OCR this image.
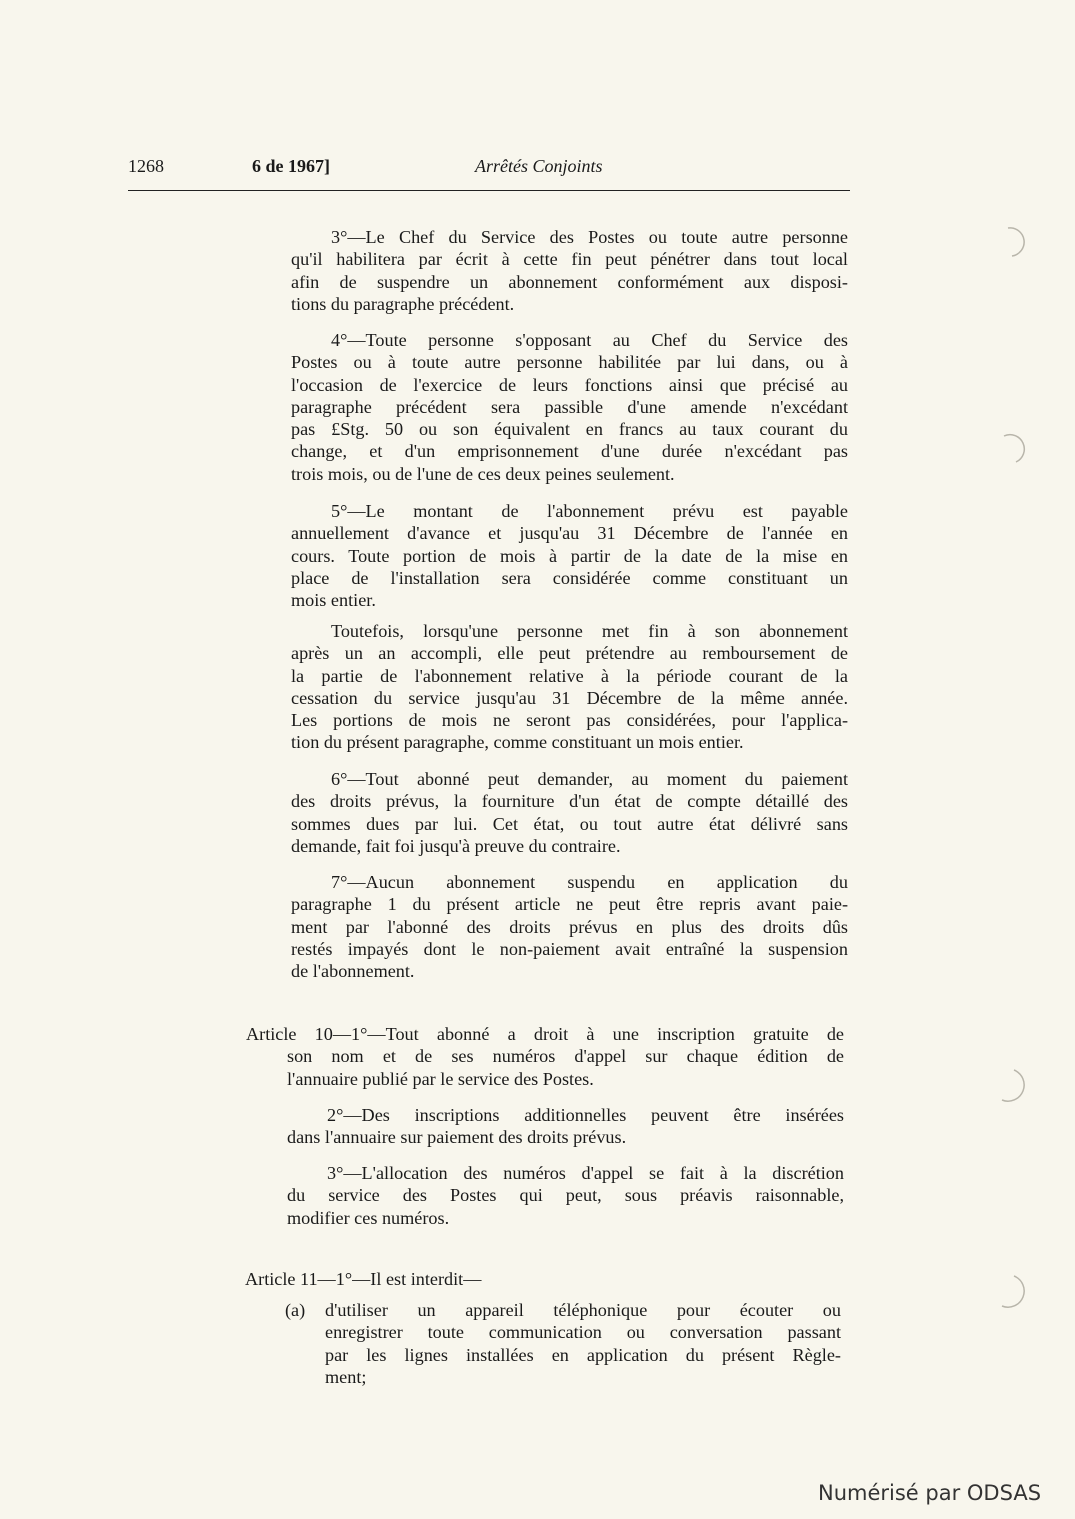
1268	6 de 1967]	Arrêtés Conjoints
3°—Le Chef du Service des Postes ou toute autre personne
qu'il habilitera par écrit à cette fin peut pénétrer dans tout local
afin de suspendre un abonnement conformément aux disposi-
tions du paragraphe précédent.
4°—Toute personne s'opposant au Chef du Service des
Postes ou à toute autre personne habilitée par lui dans, ou à
l'occasion de l'exercice de leurs fonctions ainsi que précisé au
paragraphe précédent sera passible d'une amende n'excédant
pas £Stg. 50 ou son équivalent en francs au taux courant du
change, et d'un emprisonnement d'une durée n'excédant pas
trois mois, ou de l'une de ces deux peines seulement.
5°—Le montant de l'abonnement prévu est payable
annuellement d'avance et jusqu'au 31 Décembre de l'année en
cours. Toute portion de mois à partir de la date de la mise en
place de l'installation sera considérée comme constituant un
mois entier.
Toutefois, lorsqu'une personne met fin à son abonnement
après un an accompli, elle peut prétendre au remboursement de
la partie de l'abonnement relative à la période courant de la
cessation du service jusqu'au 31 Décembre de la même année.
Les portions de mois ne seront pas considérées, pour l'applica-
tion du présent paragraphe, comme constituant un mois entier.
6°—Tout abonné peut demander, au moment du paiement
des droits prévus, la fourniture d'un état de compte détaillé des
sommes dues par lui. Cet état, ou tout autre état délivré sans
demande, fait foi jusqu'à preuve du contraire.
7°—Aucun abonnement suspendu en application du
paragraphe 1 du présent article ne peut être repris avant paie-
ment par l'abonné des droits prévus en plus des droits dûs
restés impayés dont le non-paiement avait entraîné la suspension
de l'abonnement.
Article 10—1°—Tout abonné a droit à une inscription gratuite de
son nom et de ses numéros d'appel sur chaque édition de
l'annuaire publié par le service des Postes.
2°—Des inscriptions additionnelles peuvent être insérées
dans l'annuaire sur paiement des droits prévus.
3°—L'allocation des numéros d'appel se fait à la discrétion
du service des Postes qui peut, sous préavis raisonnable,
modifier ces numéros.
Article 11—1°—Il est interdit—
(a) d'utiliser un appareil téléphonique pour écouter ou
enregistrer toute communication ou conversation passant
par les lignes installées en application du présent Règle-
ment;
Numérisé par ODSAS
